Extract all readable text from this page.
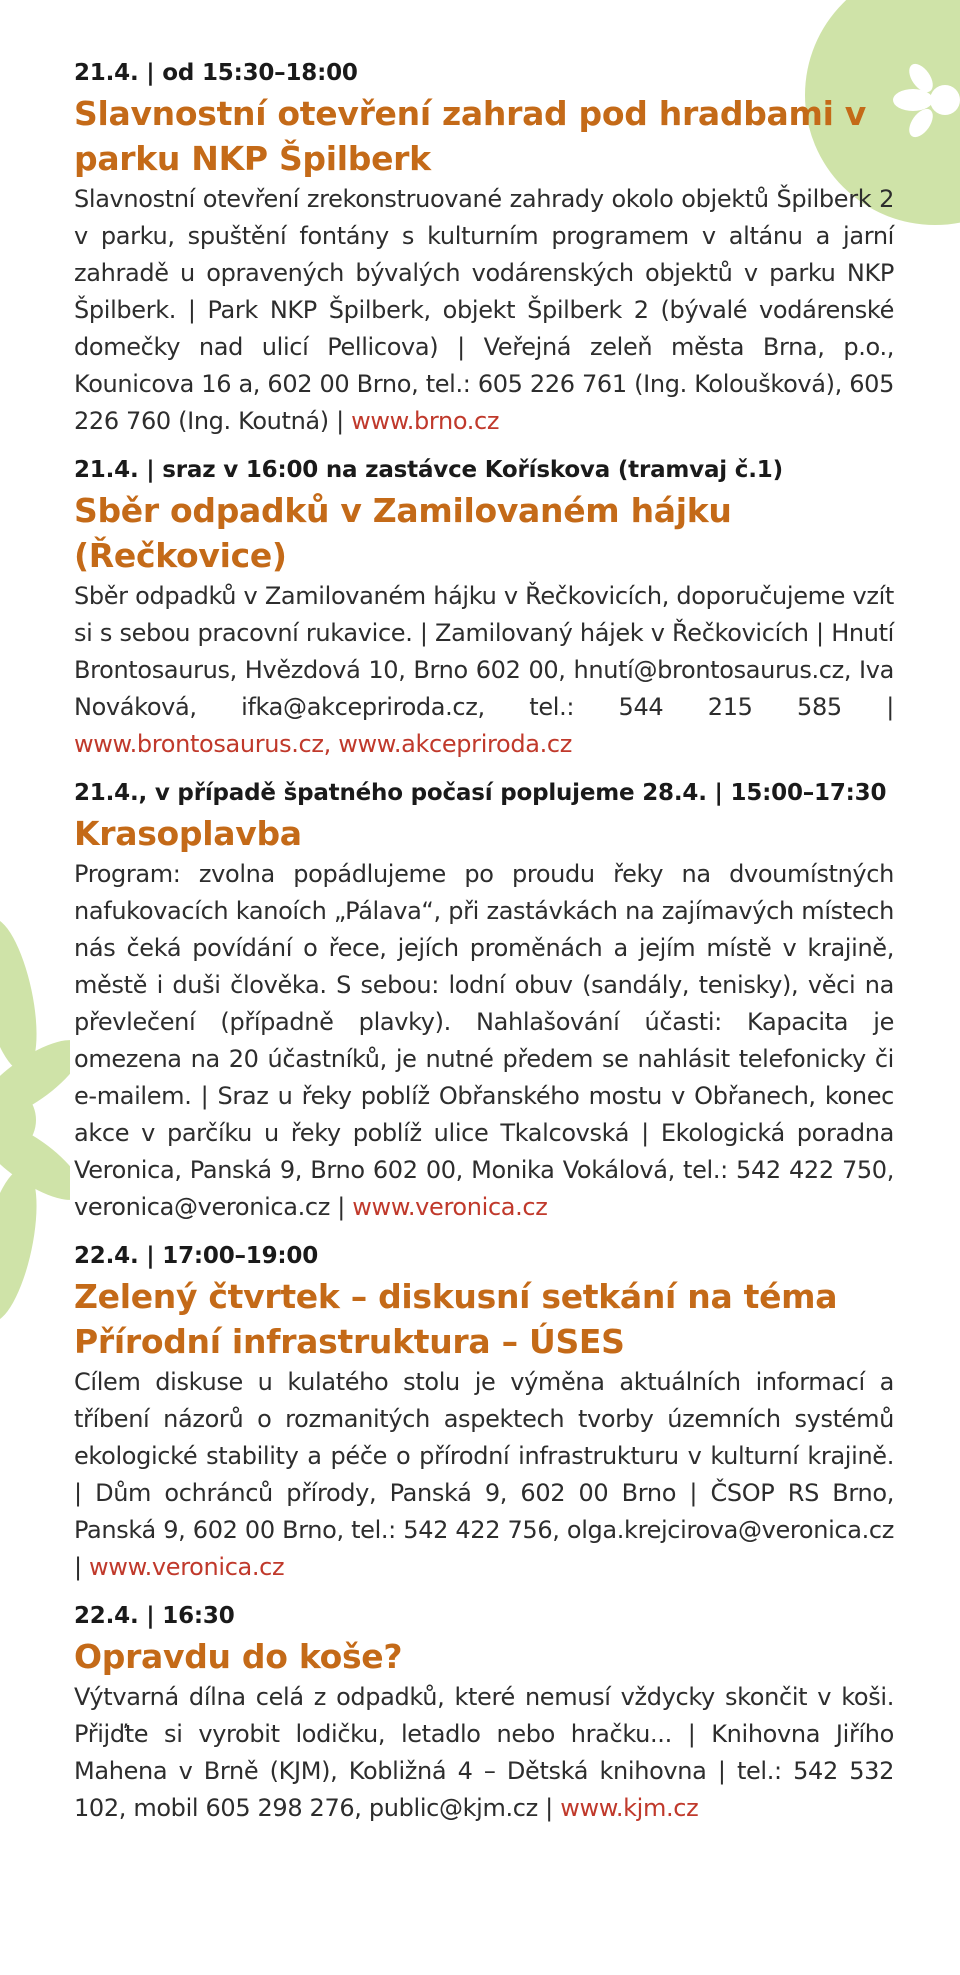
21.4. | od 15:30–18:00
Slavnostní otevření zahrad pod hradbami v parku NKP Špilberk
Slavnostní otevření zrekonstruované zahrady okolo objektů Špilberk 2 v parku, spuštění fontány s kulturním programem v altánu a jarní zahradě u opravených bývalých vodárenských objektů v parku NKP Špilberk. | Park NKP Špilberk, objekt Špilberk 2 (bývalé vodárenské domečky nad ulicí Pellicova) | Veřejná zeleň města Brna, p.o., Kounicova 16 a, 602 00 Brno, tel.: 605 226 761 (Ing. Koloušková), 605 226 760 (Ing. Koutná) | www.brno.cz
21.4. | sraz v 16:00 na zastávce Kořískova (tramvaj č.1)
Sběr odpadků v Zamilovaném hájku (Řečkovice)
Sběr odpadků v Zamilovaném hájku v Řečkovicích, doporučujeme vzít si s sebou pracovní rukavice. | Zamilovaný hájek v Řečkovicích | Hnutí Brontosaurus, Hvězdová 10, Brno 602 00, hnutí@brontosaurus.cz, Iva Nováková, ifka@akcepriroda.cz, tel.: 544 215 585 | www.brontosaurus.cz, www.akcepriroda.cz
21.4., v případě špatného počasí poplujeme 28.4. | 15:00–17:30
Krasoplavba
Program: zvolna popádlujeme po proudu řeky na dvoumístných nafukovacích kanoích „Pálava“, při zastávkách na zajímavých místech nás čeká povídání o řece, jejích proměnách a jejím místě v krajině, městě i duši člověka. S sebou: lodní obuv (sandály, tenisky), věci na převlečení (případně plavky). Nahlašování účasti: Kapacita je omezena na 20 účastníků, je nutné předem se nahlásit telefonicky či e-mailem. | Sraz u řeky poblíž Obřanského mostu v Obřanech, konec akce v parčíku u řeky poblíž ulice Tkalcovská | Ekologická poradna Veronica, Panská 9, Brno 602 00, Monika Vokálová, tel.: 542 422 750, veronica@veronica.cz | www.veronica.cz
22.4. | 17:00–19:00
Zelený čtvrtek – diskusní setkání na téma Přírodní infrastruktura – ÚSES
Cílem diskuse u kulatého stolu je výměna aktuálních informací a tříbení názorů o rozmanitých aspektech tvorby územních systémů ekologické stability a péče o přírodní infrastrukturu v kulturní krajině. | Dům ochránců přírody, Panská 9, 602 00 Brno | ČSOP RS Brno, Panská 9, 602 00 Brno, tel.: 542 422 756, olga.krejcirova@veronica.cz | www.veronica.cz
22.4. | 16:30
Opravdu do koše?
Výtvarná dílna celá z odpadků, které nemusí vždycky skončit v koši. Přijďte si vyrobit lodičku, letadlo nebo hračku... | Knihovna Jiřího Mahena v Brně (KJM), Kobližná 4 – Dětská knihovna | tel.: 542 532 102, mobil 605 298 276, public@kjm.cz | www.kjm.cz
